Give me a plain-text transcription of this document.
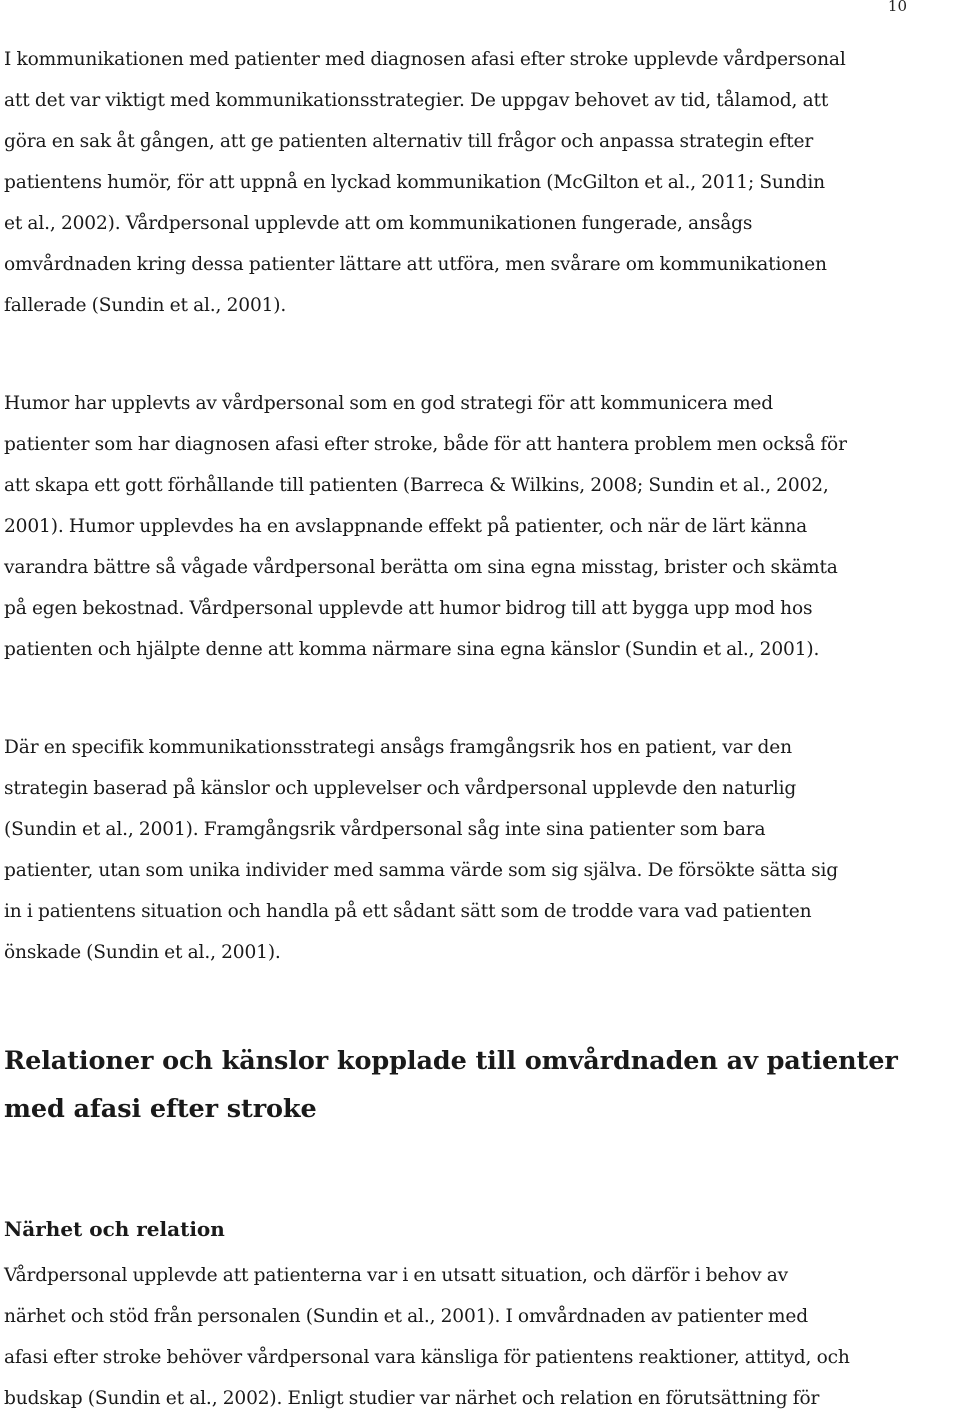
10

I kommunikationen med patienter med diagnosen afasi efter stroke upplevde vårdpersonal

att det var viktigt med kommunikationsstrategier. De uppgav behovet av tid, tålamod, att

göra en sak åt gången, att ge patienten alternativ till frågor och anpassa strategin efter

patientens humör, för att uppnå en lyckad kommunikation (McGilton et al., 2011; Sundin

et al., 2002). Vårdpersonal upplevde att om kommunikationen fungerade, ansågs

omvårdnaden kring dessa patienter lättare att utföra, men svårare om kommunikationen

fallerade (Sundin et al., 2001).

Humor har upplevts av vårdpersonal som en god strategi för att kommunicera med

patienter som har diagnosen afasi efter stroke, både för att hantera problem men också för

att skapa ett gott förhållande till patienten (Barreca & Wilkins, 2008; Sundin et al., 2002,

2001). Humor upplevdes ha en avslappnande effekt på patienter, och när de lärt känna

varandra bättre så vågade vårdpersonal berätta om sina egna misstag, brister och skämta

på egen bekostnad. Vårdpersonal upplevde att humor bidrog till att bygga upp mod hos

patienten och hjälpte denne att komma närmare sina egna känslor (Sundin et al., 2001).

Där en specifik kommunikationsstrategi ansågs framgångsrik hos en patient, var den

strategin baserad på känslor och upplevelser och vårdpersonal upplevde den naturlig

(Sundin et al., 2001). Framgångsrik vårdpersonal såg inte sina patienter som bara

patienter, utan som unika individer med samma värde som sig själva. De försökte sätta sig

in i patientens situation och handla på ett sådant sätt som de trodde vara vad patienten

önskade (Sundin et al., 2001).

Relationer och känslor kopplade till omvårdnaden av patienter
med afasi efter stroke
Närhet och relation

Vårdpersonal upplevde att patienterna var i en utsatt situation, och därför i behov av

närhet och stöd från personalen (Sundin et al., 2001). I omvårdnaden av patienter med

afasi efter stroke behöver vårdpersonal vara känsliga för patientens reaktioner, attityd, och

budskap (Sundin et al., 2002). Enligt studier var närhet och relation en förutsättning för
